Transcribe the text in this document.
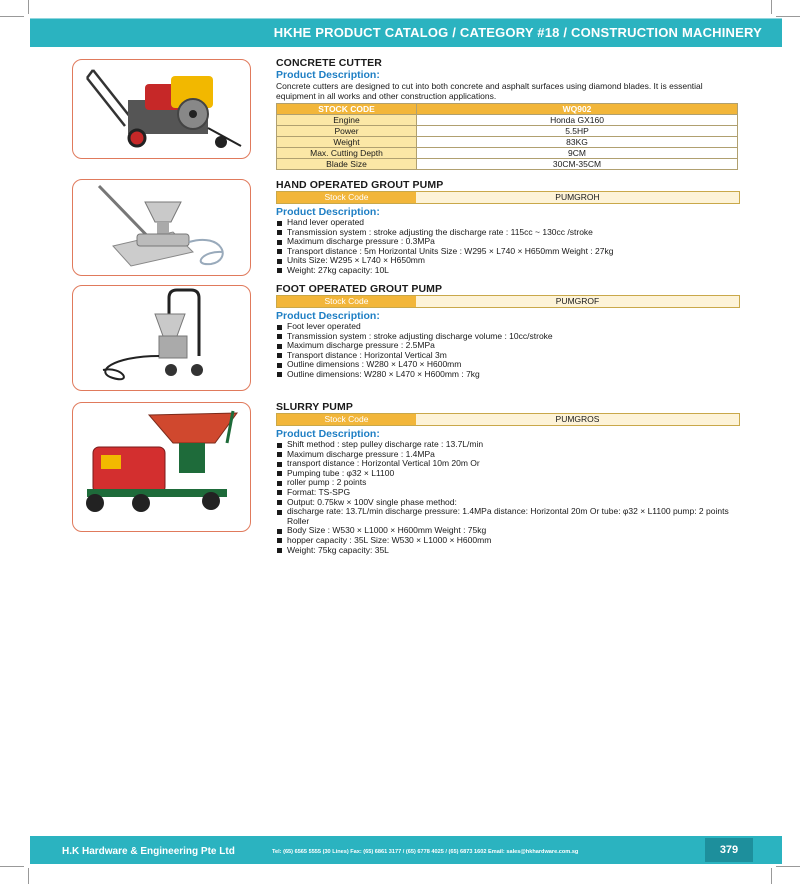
HKHE PRODUCT CATALOG / CATEGORY #18 / CONSTRUCTION MACHINERY
CONCRETE CUTTER
Product Description:
Concrete cutters are designed to cut into both concrete and asphalt surfaces using diamond blades. It is essential equipment in all works and other construction applications.
STOCK CODE	WQ902
Engine	Honda GX160
Power	5.5HP
Weight	83KG
Max. Cutting Depth	9CM
Blade Size	30CM-35CM
HAND OPERATED GROUT PUMP
Stock Code	PUMGROH
Product Description:
Hand lever operated
Transmission system : stroke adjusting the discharge rate : 115cc ~ 130cc /stroke
Maximum discharge pressure : 0.3MPa
Transport distance : 5m Horizontal Units Size : W295 × L740 × H650mm Weight : 27kg
Units Size: W295 × L740 × H650mm
Weight: 27kg capacity: 10L
FOOT OPERATED GROUT PUMP
Stock Code	PUMGROF
Product Description:
Foot lever operated
Transmission system : stroke adjusting discharge volume : 10cc/stroke
Maximum discharge pressure : 2.5MPa
Transport distance : Horizontal Vertical 3m
Outline dimensions : W280 × L470 × H600mm
Outline dimensions: W280 × L470 × H600mm : 7kg
SLURRY PUMP
Stock Code	PUMGROS
Product Description:
Shift method : step pulley discharge rate : 13.7L/min
Maximum discharge pressure : 1.4MPa
transport distance : Horizontal Vertical 10m 20m Or
Pumping tube : φ32 × L1100
roller pump : 2 points
Format: TS-SPG
Output: 0.75kw × 100V single phase method:
discharge rate: 13.7L/min discharge pressure: 1.4MPa distance: Horizontal 20m Or tube: φ32 × L1100 pump: 2 points Roller
Body Size : W530 × L1000 × H600mm Weight : 75kg
hopper capacity : 35L Size: W530 × L1000 × H600mm
Weight: 75kg capacity: 35L
H.K Hardware & Engineering Pte Ltd	Tel: (65) 6565 5555 (30 Lines) Fax: (65) 6861 3177 / (65) 6778 4025 / (65) 6873 1602 Email: sales@hkhardware.com.sg	379
